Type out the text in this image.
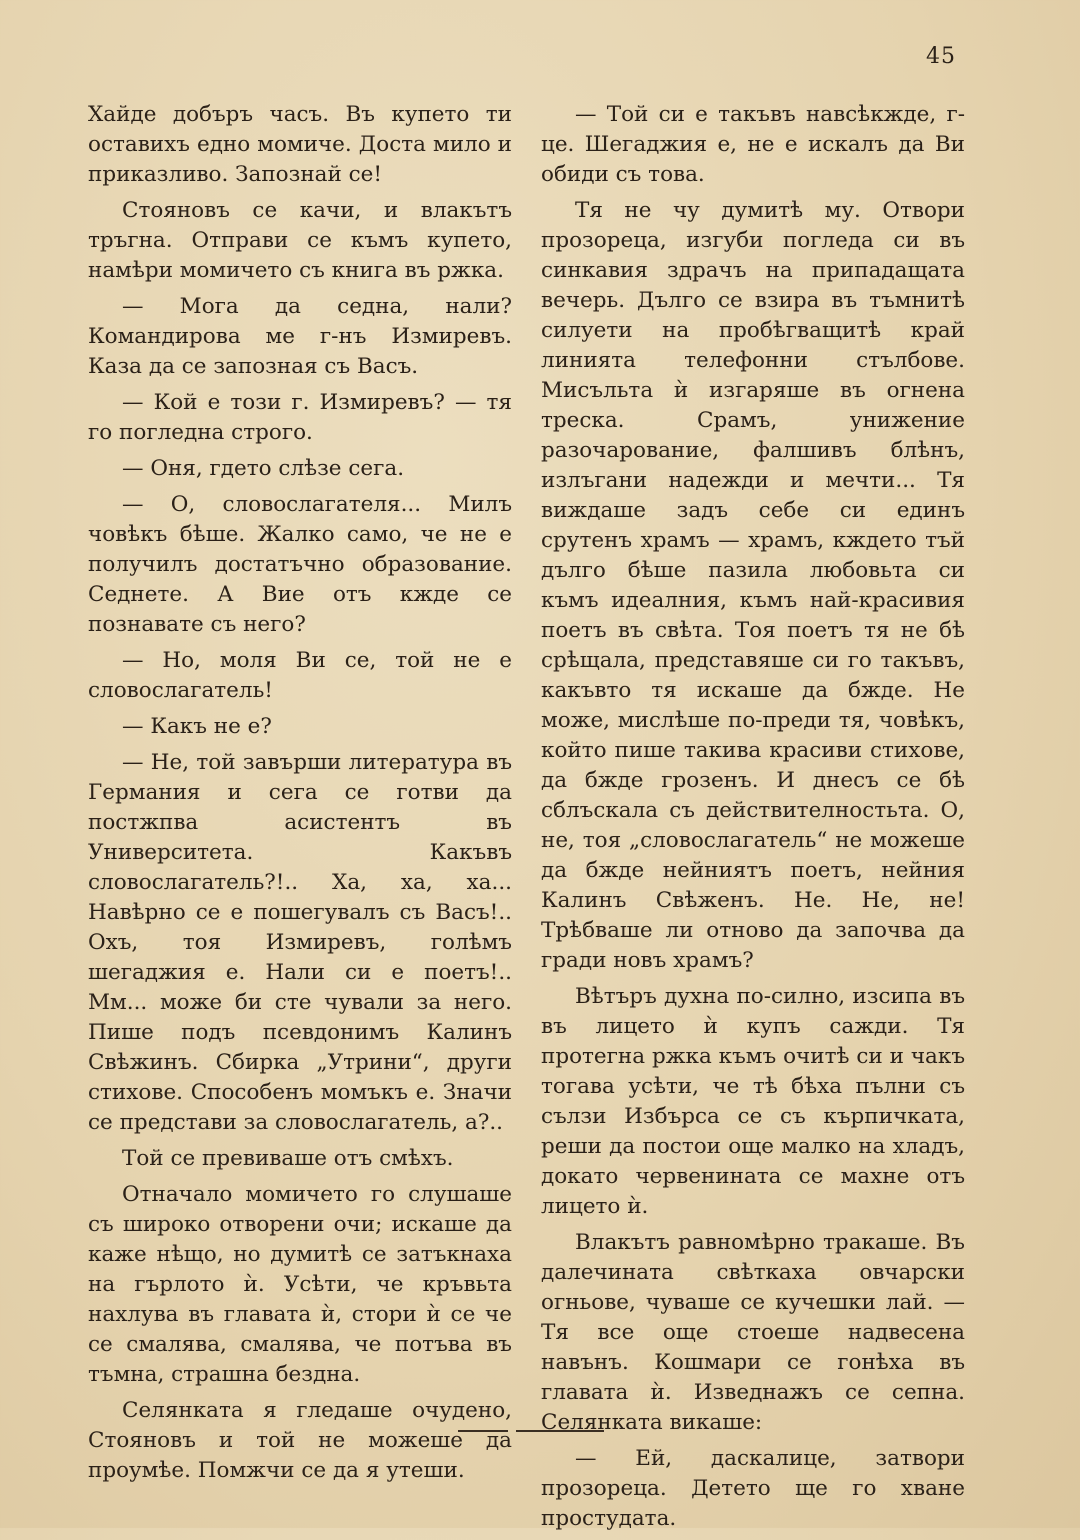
45

Хайде добъръ часъ. Въ купето ти оставихъ едно момиче. Доста мило и приказливо. Запознай се!

Стояновъ се качи, и влакътъ тръгна. Отправи се къмъ купето, намѣри момичето съ книга въ ржка.

— Мога да седна, нали? Командирова ме г-нъ Измиревъ. Каза да се запозная съ Васъ.

— Кой е този г. Измиревъ? — тя го погледна строго.

— Оня, гдето слѣзе сега.

— О, словослагателя... Милъ човѣкъ бѣше. Жалко само, че не е получилъ достатъчно образование. Седнете. А Вие отъ кжде се познавате съ него?

— Но, моля Ви се, той не е словослагатель!

— Какъ не е?

— Не, той завърши литература въ Германия и сега се готви да постжпва асистентъ въ Университета. Какъвъ словослагатель?!.. Ха, ха, ха... Навѣрно се е пошегувалъ съ Васъ!.. Охъ, тоя Измиревъ, голѣмъ шегаджия е. Нали си е поетъ!.. Мм... може би сте чували за него. Пише подъ псевдонимъ Калинъ Свѣжинъ. Сбирка „Утрини“, други стихове. Способенъ момъкъ е. Значи се представи за словослагатель, а?..

Той се превиваше отъ смѣхъ.

Отначало момичето го слушаше съ широко отворени очи; искаше да каже нѣщо, но думитѣ се затъкнаха на гърлото ѝ. Усѣти, че кръвьта нахлува въ главата ѝ, стори ѝ се че се смалява, смалява, че потъва въ тъмна, страшна бездна.

Селянката я гледаше очудено, Стояновъ и той не можеше да проумѣе. Помжчи се да я утеши.

— Той си е такъвъ навсѣкжде, г-це. Шегаджия е, не е искалъ да Ви обиди съ това.

Тя не чу думитѣ му. Отвори прозореца, изгуби погледа си въ синкавия здрачъ на припадащата вечерь. Дълго се взира въ тъмнитѣ силуети на пробѣгващитѣ край линията телефонни стълбове. Мисъльта ѝ изгаряше въ огнена треска. Срамъ, унижение разочарование, фалшивъ блѣнъ, излъгани надежди и мечти... Тя виждаше задъ себе си единъ срутенъ храмъ — храмъ, кждето тъй дълго бѣше пазила любовьта си къмъ идеалния, къмъ най-красивия поетъ въ свѣта. Тоя поетъ тя не бѣ срѣщала, представяше си го такъвъ, какъвто тя искаше да бжде. Не може, мислѣше по-преди тя, човѣкъ, който пише такива красиви стихове, да бжде грозенъ. И днесъ се бѣ сблъскала съ действителностьта. О, не, тоя „словослагатель“ не можеше да бжде нейниятъ поетъ, нейния Калинъ Свѣженъ. Не. Не, не! Трѣбваше ли отново да започва да гради новъ храмъ?

Вѣтъръ духна по-силно, изсипа въ въ лицето ѝ купъ сажди. Тя протегна ржка къмъ очитѣ си и чакъ тогава усѣти, че тѣ бѣха пълни съ сълзи Избърса се съ кърпичката, реши да постои още малко на хладъ, докато червенината се махне отъ лицето ѝ.

Влакътъ равномѣрно тракаше. Въ далечината свѣткаха овчарски огньове, чуваше се кучешки лай. — Тя все още стоеше надвесена навънъ. Кошмари се гонѣха въ главата ѝ. Изведнажъ се сепна. Селянката викаше:

— Ей, даскалице, затвори прозореца. Детето ще го хване простудата.
